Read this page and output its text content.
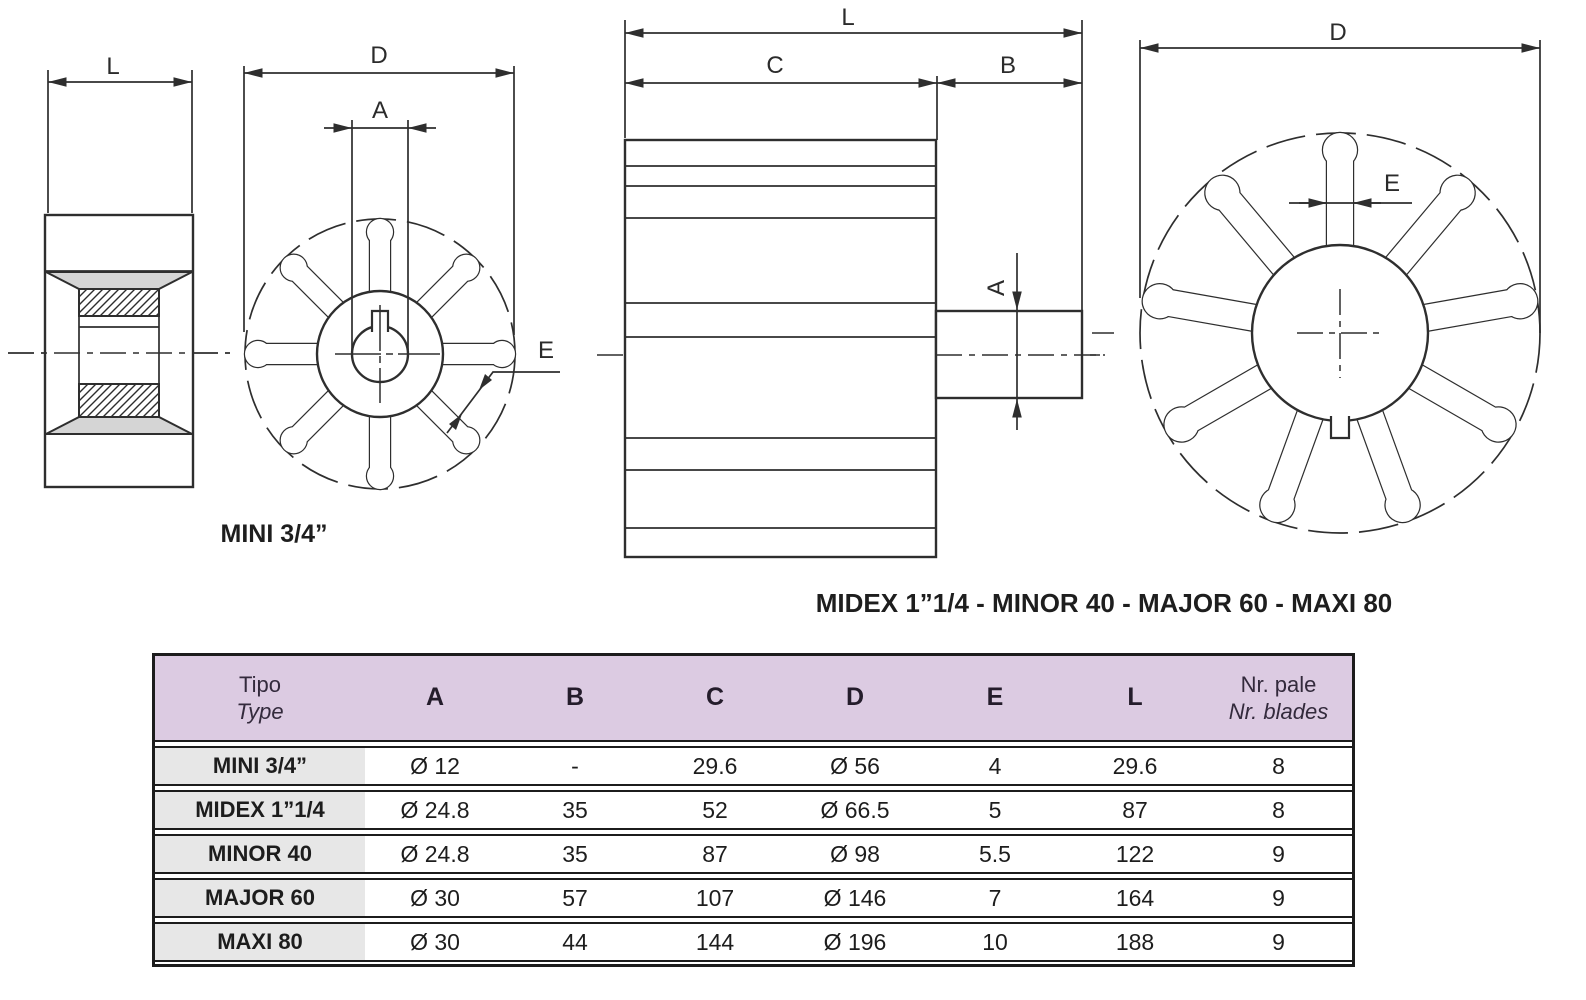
L	D
A
E
MINI 3/4”
L
C	B
A
D
E
MIDEX 1”1/4 - MINOR 40 - MAJOR 60 - MAXI 80
Tipo
Type
A	B	C	D	E	L	Nr. pale
Nr. blades
MINI 3/4”	Ø 12	-	29.6	Ø 56	4	29.6	8
MIDEX 1”1/4	Ø 24.8	35	52	Ø 66.5	5	87	8
MINOR 40	Ø 24.8	35	87	Ø 98	5.5	122	9
MAJOR 60	Ø 30	57	107	Ø 146	7	164	9
MAXI 80	Ø 30	44	144	Ø 196	10	188	9
